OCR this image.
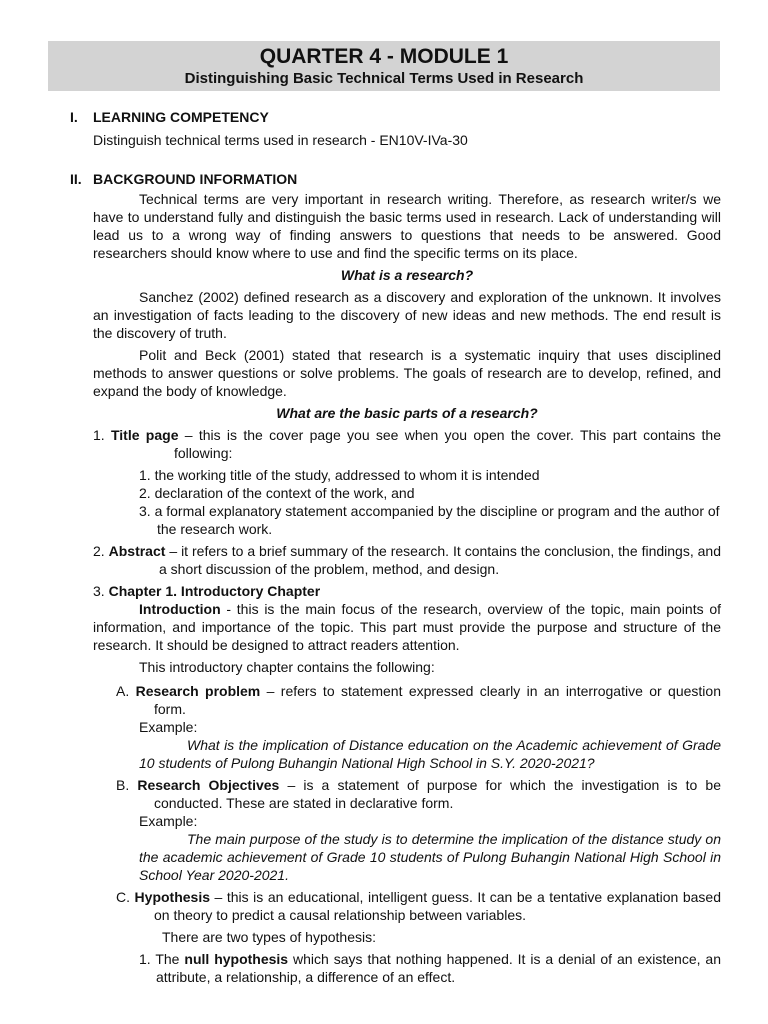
QUARTER 4 - MODULE 1
Distinguishing Basic Technical Terms Used in Research
I.	LEARNING COMPETENCY

Distinguish technical terms used in research - EN10V-IVa-30

II. BACKGROUND INFORMATION

Technical terms are very important in research writing. Therefore, as research writer/s we have to understand fully and distinguish the basic terms used in research. Lack of understanding will lead us to a wrong way of finding answers to questions that needs to be answered. Good researchers should know where to use and find the specific terms on its place.

What is a research?

Sanchez (2002) defined research as a discovery and exploration of the unknown. It involves an investigation of facts leading to the discovery of new ideas and new methods. The end result is the discovery of truth.

Polit and Beck (2001) stated that research is a systematic inquiry that uses disciplined methods to answer questions or solve problems. The goals of research are to develop, refined, and expand the body of knowledge.

What are the basic parts of a research?

1. Title page – this is the cover page you see when you open the cover. This part contains the following:

1. the working title of the study, addressed to whom it is intended

2. declaration of the context of the work, and

3. a formal explanatory statement accompanied by the discipline or program and the author of the research work.

2. Abstract – it refers to a brief summary of the research. It contains the conclusion, the findings, and a short discussion of the problem, method, and design.

3. Chapter 1. Introductory Chapter

Introduction - this is the main focus of the research, overview of the topic, main points of information, and importance of the topic. This part must provide the purpose and structure of the research. It should be designed to attract readers attention.

This introductory chapter contains the following:

A. Research problem – refers to statement expressed clearly in an interrogative or question form.

Example:

What is the implication of Distance education on the Academic achievement of Grade 10 students of Pulong Buhangin National High School in S.Y. 2020-2021?

B. Research Objectives – is a statement of purpose for which the investigation is to be conducted. These are stated in declarative form.

Example:

The main purpose of the study is to determine the implication of the distance study on the academic achievement of Grade 10 students of Pulong Buhangin National High School in School Year 2020-2021.

C. Hypothesis – this is an educational, intelligent guess. It can be a tentative explanation based on theory to predict a causal relationship between variables.

There are two types of hypothesis:

1. The null hypothesis which says that nothing happened. It is a denial of an existence, an attribute, a relationship, a difference of an effect.
